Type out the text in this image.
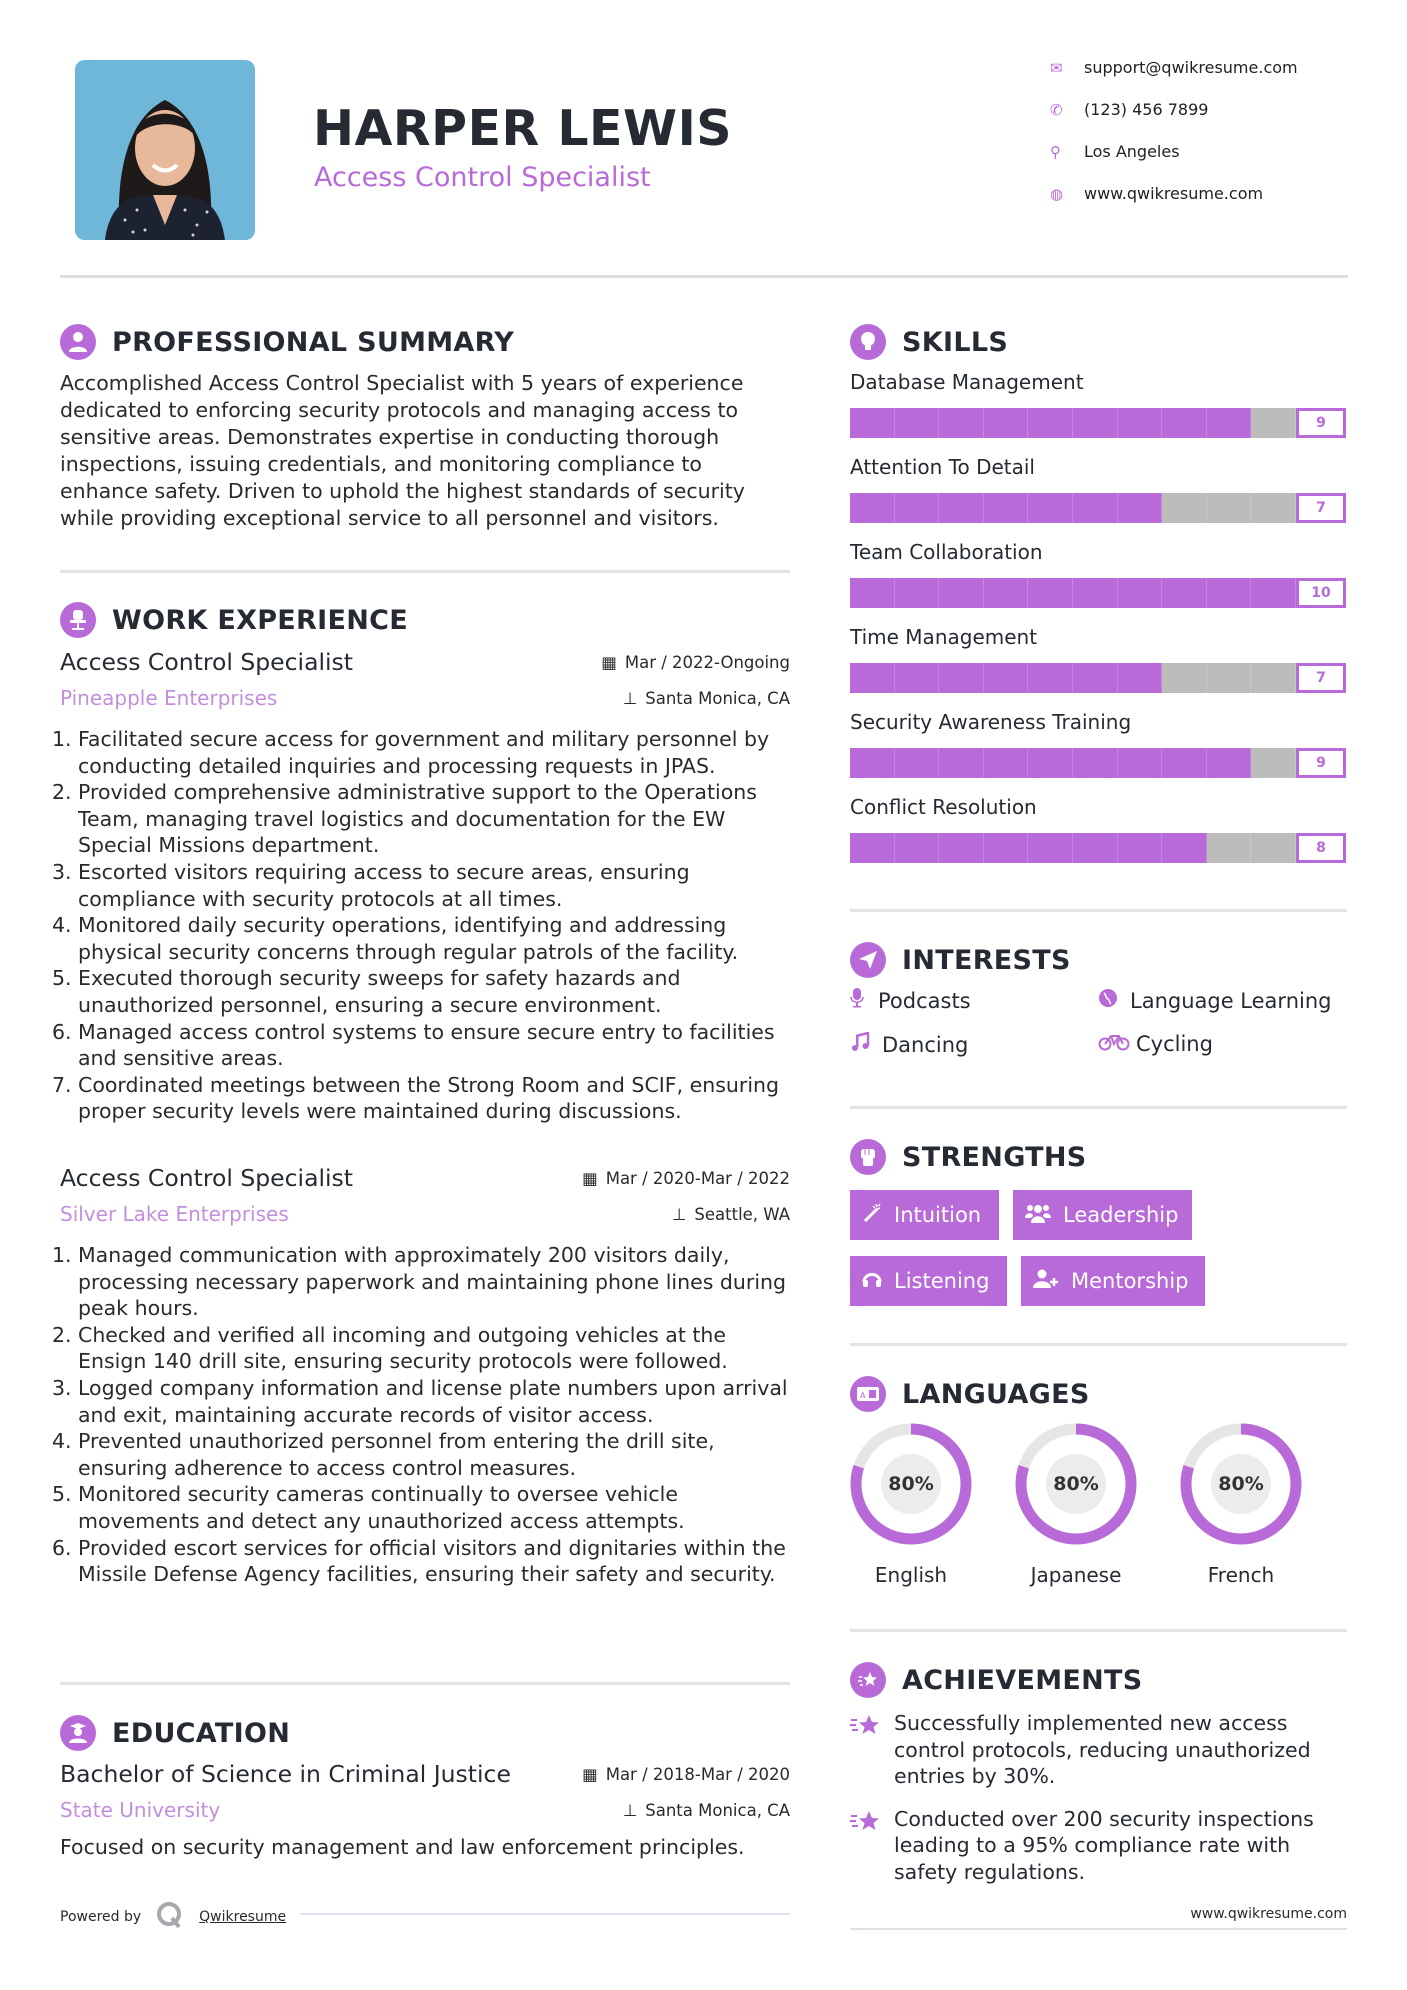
HARPER LEWIS
Access Control Specialist
✉	support@qwikresume.com
✆	(123) 456 7899
⚲	Los Angeles
◍	www.qwikresume.com
PROFESSIONAL SUMMARY
Accomplished Access Control Specialist with 5 years of experience dedicated to enforcing security protocols and managing access to sensitive areas. Demonstrates expertise in conducting thorough inspections, issuing credentials, and monitoring compliance to enhance safety. Driven to uphold the highest standards of security while providing exceptional service to all personnel and visitors.
WORK EXPERIENCE
Access Control Specialist	▦ Mar / 2022-Ongoing
Pineapple Enterprises	⊥ Santa Monica, CA
Facilitated secure access for government and military personnel by conducting detailed inquiries and processing requests in JPAS.
Provided comprehensive administrative support to the Operations Team, managing travel logistics and documentation for the EW Special Missions department.
Escorted visitors requiring access to secure areas, ensuring compliance with security protocols at all times.
Monitored daily security operations, identifying and addressing physical security concerns through regular patrols of the facility.
Executed thorough security sweeps for safety hazards and unauthorized personnel, ensuring a secure environment.
Managed access control systems to ensure secure entry to facilities and sensitive areas.
Coordinated meetings between the Strong Room and SCIF, ensuring proper security levels were maintained during discussions.
Access Control Specialist	▦ Mar / 2020-Mar / 2022
Silver Lake Enterprises	⊥ Seattle, WA
Managed communication with approximately 200 visitors daily, processing necessary paperwork and maintaining phone lines during peak hours.
Checked and verified all incoming and outgoing vehicles at the Ensign 140 drill site, ensuring security protocols were followed.
Logged company information and license plate numbers upon arrival and exit, maintaining accurate records of visitor access.
Prevented unauthorized personnel from entering the drill site, ensuring adherence to access control measures.
Monitored security cameras continually to oversee vehicle movements and detect any unauthorized access attempts.
Provided escort services for official visitors and dignitaries within the Missile Defense Agency facilities, ensuring their safety and security.
EDUCATION
Bachelor of Science in Criminal Justice	▦ Mar / 2018-Mar / 2020
State University	⊥ Santa Monica, CA
Focused on security management and law enforcement principles.
Powered by	Qwikresume
SKILLS
Database Management
9
Attention To Detail
7
Team Collaboration
10
Time Management
7
Security Awareness Training
9
Conflict Resolution
8
INTERESTS
Podcasts	Language Learning
Dancing	Cycling
STRENGTHS
Intuition	Leadership
Listening	Mentorship
A LANGUAGES
80%
English
80%
Japanese
80%
French
ACHIEVEMENTS
Successfully implemented new access control protocols, reducing unauthorized entries by 30%.
Conducted over 200 security inspections leading to a 95% compliance rate with safety regulations.
www.qwikresume.com
